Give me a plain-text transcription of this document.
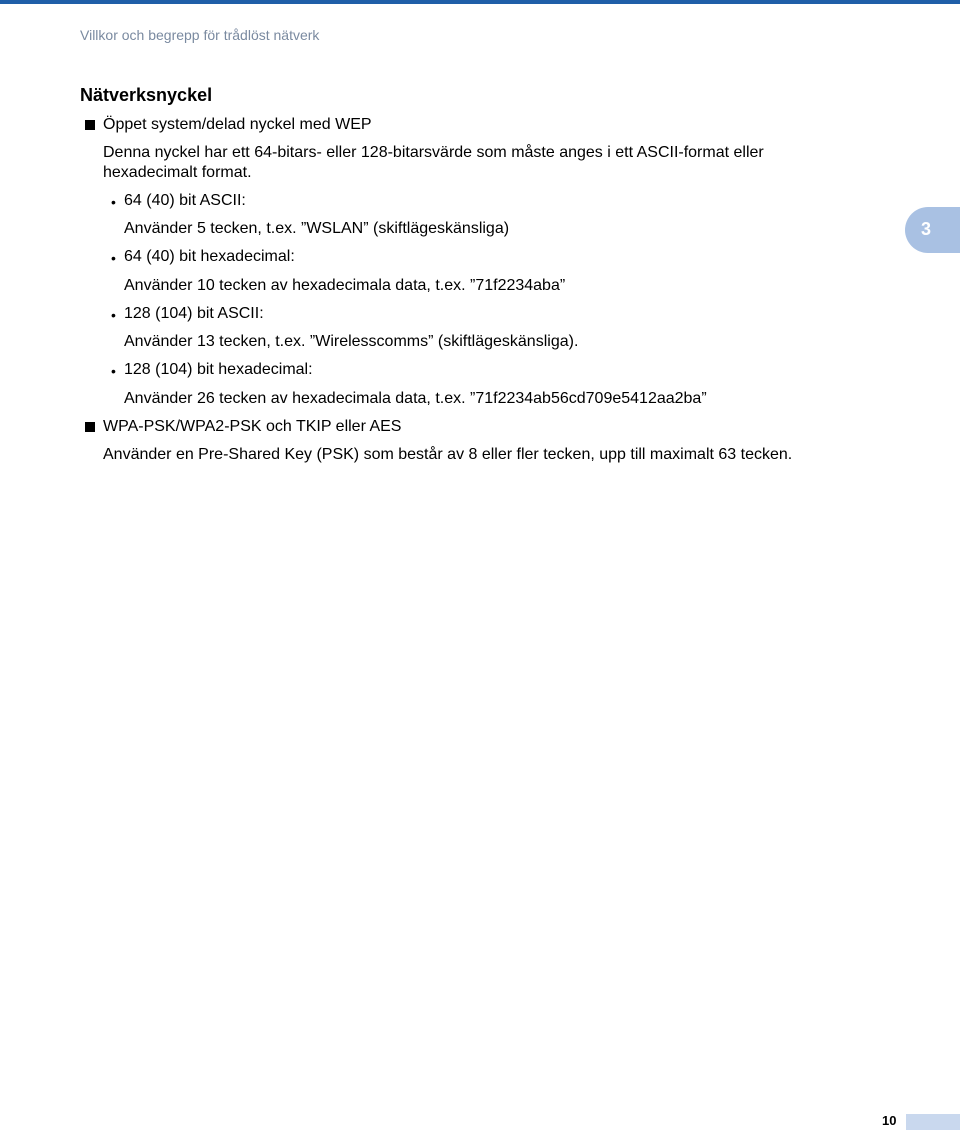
Villkor och begrepp för trådlöst nätverk
Nätverksnyckel
Öppet system/delad nyckel med WEP
Denna nyckel har ett 64-bitars- eller 128-bitarsvärde som måste anges i ett ASCII-format eller
hexadecimalt format.
• 64 (40) bit ASCII:
Använder 5 tecken, t.ex. ”WSLAN” (skiftlägeskänsliga)
• 64 (40) bit hexadecimal:
Använder 10 tecken av hexadecimala data, t.ex. ”71f2234aba”
• 128 (104) bit ASCII:
Använder 13 tecken, t.ex. ”Wirelesscomms” (skiftlägeskänsliga).
• 128 (104) bit hexadecimal:
Använder 26 tecken av hexadecimala data, t.ex. ”71f2234ab56cd709e5412aa2ba”
WPA-PSK/WPA2-PSK och TKIP eller AES
Använder en Pre-Shared Key (PSK) som består av 8 eller fler tecken, upp till maximalt 63 tecken.
3
10
